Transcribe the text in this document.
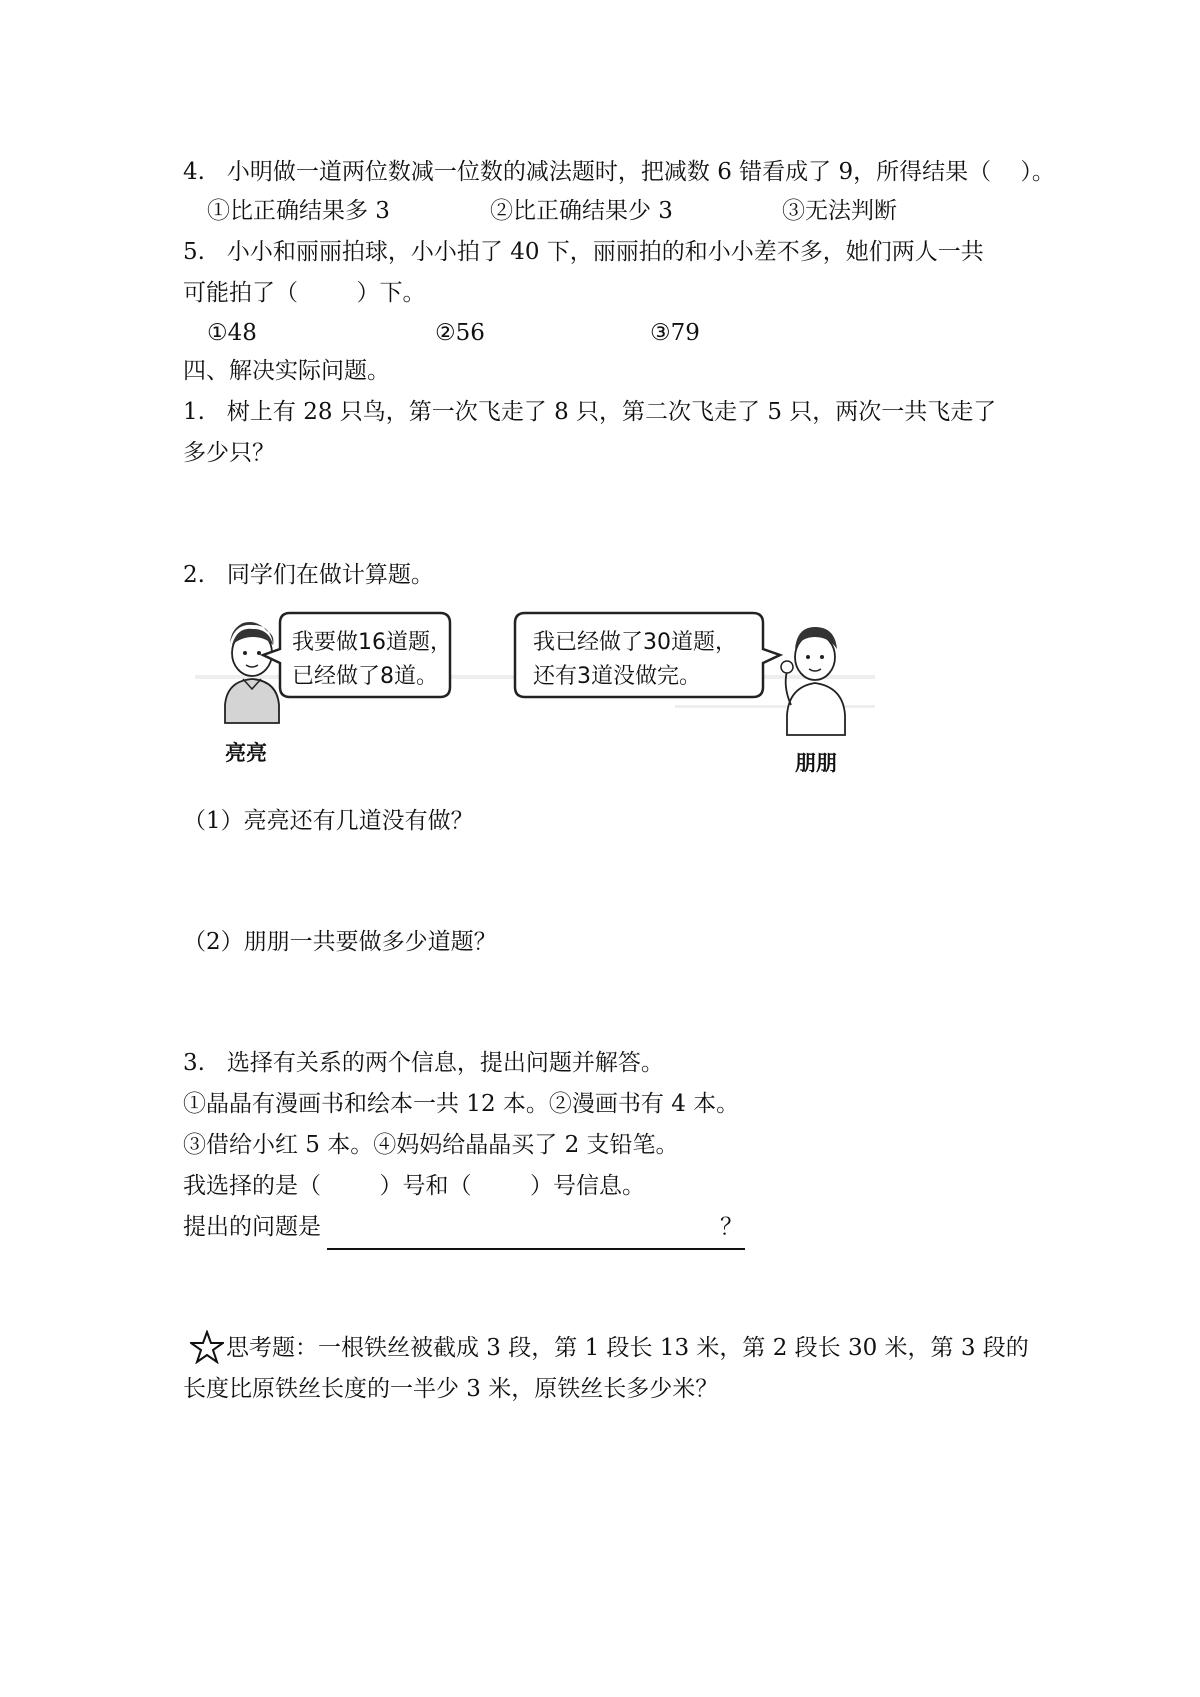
4.   小明做一道两位数减一位数的减法题时，把减数 6 错看成了 9，所得结果（    ）。
①比正确结果多 3	②比正确结果少 3	③无法判断
5.   小小和丽丽拍球，小小拍了 40 下，丽丽拍的和小小差不多，她们两人一共
可能拍了（        ）下。
①48	②56	③79
四、解决实际问题。
1.   树上有 28 只鸟，第一次飞走了 8 只，第二次飞走了 5 只，两次一共飞走了
多少只？
2.   同学们在做计算题。
我要做16道题，
已经做了8道。
我已经做了30道题，
还有3道没做完。
亮亮	朋朋
（1）亮亮还有几道没有做？
（2）朋朋一共要做多少道题？
3.   选择有关系的两个信息，提出问题并解答。
①晶晶有漫画书和绘本一共 12 本。②漫画书有 4 本。
③借给小红 5 本。④妈妈给晶晶买了 2 支铅笔。
我选择的是（        ）号和（        ）号信息。
提出的问题是	？
思考题：一根铁丝被截成 3 段，第 1 段长 13 米，第 2 段长 30 米，第 3 段的
长度比原铁丝长度的一半少 3 米，原铁丝长多少米？
